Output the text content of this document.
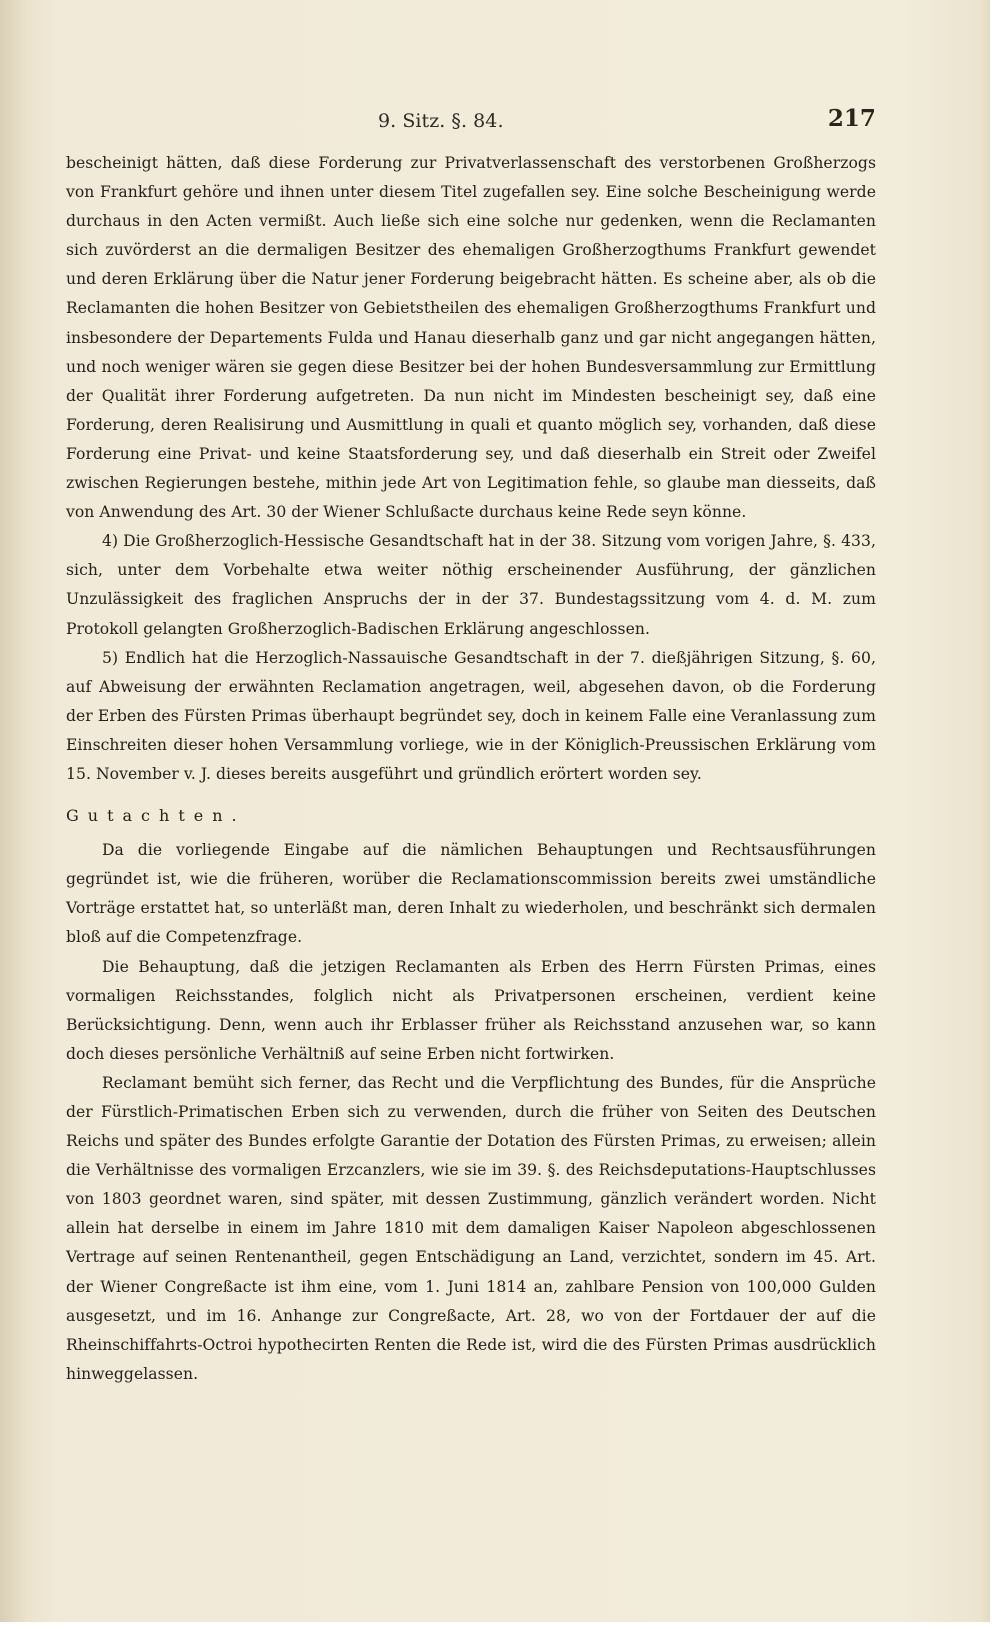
9. Sitz. §. 84.	217

bescheinigt hätten, daß diese Forderung zur Privatverlassenschaft des verstorbenen Großherzogs von Frankfurt gehöre und ihnen unter diesem Titel zugefallen sey. Eine solche Bescheinigung werde durchaus in den Acten vermißt. Auch ließe sich eine solche nur gedenken, wenn die Reclamanten sich zuvörderst an die dermaligen Besitzer des ehemaligen Großherzogthums Frankfurt gewendet und deren Erklärung über die Natur jener Forderung beigebracht hätten. Es scheine aber, als ob die Reclamanten die hohen Besitzer von Gebietstheilen des ehemaligen Großherzogthums Frankfurt und insbesondere der Departements Fulda und Hanau dieserhalb ganz und gar nicht angegangen hätten, und noch weniger wären sie gegen diese Besitzer bei der hohen Bundesversammlung zur Ermittlung der Qualität ihrer Forderung aufgetreten. Da nun nicht im Mindesten bescheinigt sey, daß eine Forderung, deren Realisirung und Ausmittlung in quali et quanto möglich sey, vorhanden, daß diese Forderung eine Privat- und keine Staatsforderung sey, und daß dieserhalb ein Streit oder Zweifel zwischen Regierungen bestehe, mithin jede Art von Legitimation fehle, so glaube man diesseits, daß von Anwendung des Art. 30 der Wiener Schlußacte durchaus keine Rede seyn könne.

4) Die Großherzoglich-Hessische Gesandtschaft hat in der 38. Sitzung vom vorigen Jahre, §. 433, sich, unter dem Vorbehalte etwa weiter nöthig erscheinender Ausführung, der gänzlichen Unzulässigkeit des fraglichen Anspruchs der in der 37. Bundestagssitzung vom 4. d. M. zum Protokoll gelangten Großherzoglich-Badischen Erklärung angeschlossen.

5) Endlich hat die Herzoglich-Nassauische Gesandtschaft in der 7. dießjährigen Sitzung, §. 60, auf Abweisung der erwähnten Reclamation angetragen, weil, abgesehen davon, ob die Forderung der Erben des Fürsten Primas überhaupt begründet sey, doch in keinem Falle eine Veranlassung zum Einschreiten dieser hohen Versammlung vorliege, wie in der Königlich-Preussischen Erklärung vom 15. November v. J. dieses bereits ausgeführt und gründlich erörtert worden sey.

Gutachten.

Da die vorliegende Eingabe auf die nämlichen Behauptungen und Rechtsausführungen gegründet ist, wie die früheren, worüber die Reclamationscommission bereits zwei umständliche Vorträge erstattet hat, so unterläßt man, deren Inhalt zu wiederholen, und beschränkt sich dermalen bloß auf die Competenzfrage.

Die Behauptung, daß die jetzigen Reclamanten als Erben des Herrn Fürsten Primas, eines vormaligen Reichsstandes, folglich nicht als Privatpersonen erscheinen, verdient keine Berücksichtigung. Denn, wenn auch ihr Erblasser früher als Reichsstand anzusehen war, so kann doch dieses persönliche Verhältniß auf seine Erben nicht fortwirken.

Reclamant bemüht sich ferner, das Recht und die Verpflichtung des Bundes, für die Ansprüche der Fürstlich-Primatischen Erben sich zu verwenden, durch die früher von Seiten des Deutschen Reichs und später des Bundes erfolgte Garantie der Dotation des Fürsten Primas, zu erweisen; allein die Verhältnisse des vormaligen Erzcanzlers, wie sie im 39. §. des Reichsdeputations-Hauptschlusses von 1803 geordnet waren, sind später, mit dessen Zustimmung, gänzlich verändert worden. Nicht allein hat derselbe in einem im Jahre 1810 mit dem damaligen Kaiser Napoleon abgeschlossenen Vertrage auf seinen Rentenantheil, gegen Entschädigung an Land, verzichtet, sondern im 45. Art. der Wiener Congreßacte ist ihm eine, vom 1. Juni 1814 an, zahlbare Pension von 100,000 Gulden ausgesetzt, und im 16. Anhange zur Congreßacte, Art. 28, wo von der Fortdauer der auf die Rheinschiffahrts-Octroi hypothecirten Renten die Rede ist, wird die des Fürsten Primas ausdrücklich hinweggelassen.
